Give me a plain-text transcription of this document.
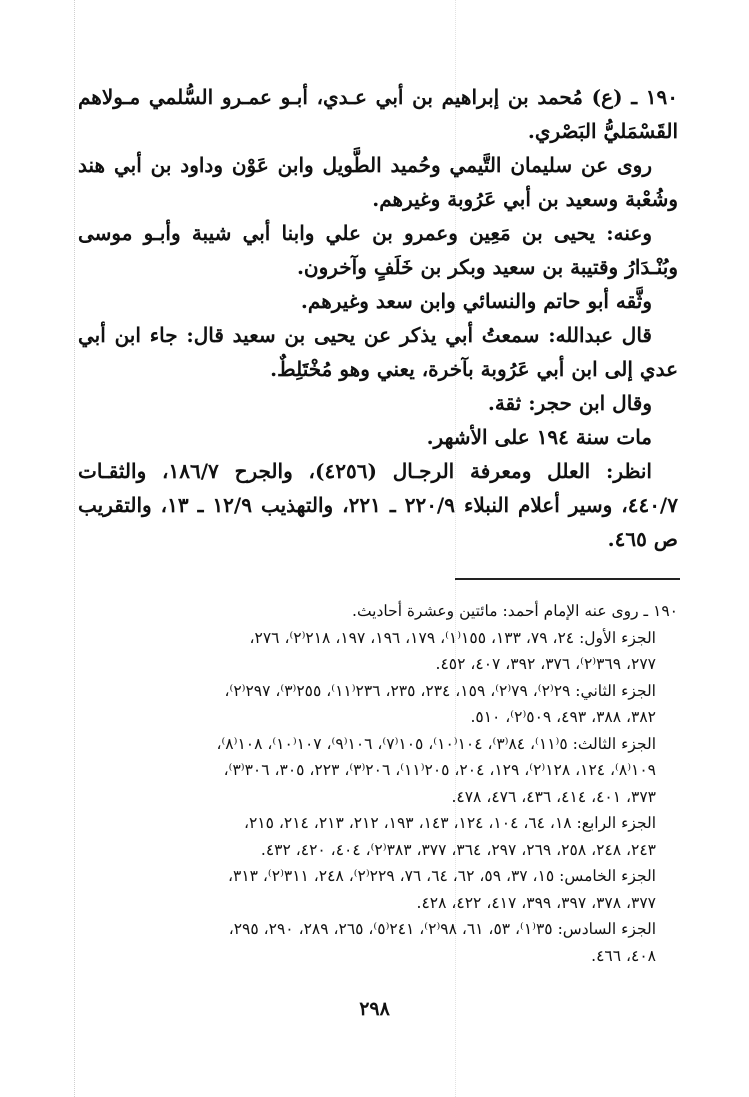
١٩٠ ـ (ع) مُحمد بن إبراهيم بن أبي عـدي، أبـو عمـرو السُّلمي مـولاهم القَسْمَليُّ البَصْري.

روى عن سليمان التَّيمي وحُميد الطَّويل وابن عَوْن وداود بن أبي هند وشُعْبة وسعيد بن أبي عَرُوبة وغيرهم.

وعنه: يحيى بن مَعِين وعمرو بن علي وابنا أبي شيبة وأبـو موسى وبُنْـدَارُ وقتيبة بن سعيد وبكر بن خَلَفٍ وآخرون.

وثَّقه أبو حاتم والنسائي وابن سعد وغيرهم.

قال عبدالله: سمعتُ أبي يذكر عن يحيى بن سعيد قال: جاء ابن أبي عدي إلى ابن أبي عَرُوبة بآخرة، يعني وهو مُخْتَلِطٌ.

وقال ابن حجر: ثقة.

مات سنة ١٩٤ على الأشهر.

انظر: العلل ومعرفة الرجـال (٤٢٥٦)، والجرح ١٨٦/٧، والثقـات ٤٤٠/٧، وسير أعلام النبلاء ٢٢٠/٩ ـ ٢٢١، والتهذيب ١٢/٩ ـ ١٣، والتقريب ص ٤٦٥.

١٩٠ ـ روى عنه الإمام أحمد: مائتين وعشرة أحاديث.

الجزء الأول: ٢٤، ٧٩، ١٣٣، ١٥٥⁽١⁾، ١٧٩، ١٩٦، ١٩٧، ٢١٨⁽٢⁾، ٢٧٦،

٢٧٧، ٣٦٩⁽٢⁾، ٣٧٦، ٣٩٢، ٤٠٧، ٤٥٢.

الجزء الثاني: ٢٩⁽٢⁾، ٧٩⁽٢⁾، ١٥٩، ٢٣٤، ٢٣٥، ٢٣٦⁽١١⁾، ٢٥٥⁽٣⁾، ٢٩٧⁽٢⁾،

٣٨٢، ٣٨٨، ٤٩٣، ٥٠٩⁽٢⁾، ٥١٠.

الجزء الثالث: ٥⁽١١⁾، ٨٤⁽٣⁾، ١٠٤⁽١٠⁾، ١٠٥⁽٧⁾، ١٠٦⁽٩⁾، ١٠٧⁽١٠⁾، ١٠٨⁽٨⁾،

١٠٩⁽٨⁾، ١٢٤، ١٢٨⁽٢⁾، ١٢٩، ٢٠٤، ٢٠٥⁽١١⁾، ٢٠٦⁽٣⁾، ٢٢٣، ٣٠٥، ٣٠٦⁽٣⁾،

٣٧٣، ٤٠١، ٤١٤، ٤٣٦، ٤٧٦، ٤٧٨.

الجزء الرابع: ١٨، ٦٤، ١٠٤، ١٢٤، ١٤٣، ١٩٣، ٢١٢، ٢١٣، ٢١٤، ٢١٥،

٢٤٣، ٢٤٨، ٢٥٨، ٢٦٩، ٢٩٧، ٣٦٤، ٣٧٧، ٣٨٣⁽٢⁾، ٤٠٤، ٤٢٠، ٤٣٢.

الجزء الخامس: ١٥، ٣٧، ٥٩، ٦٢، ٦٤، ٧٦، ٢٢٩⁽٢⁾، ٢٤٨، ٣١١⁽٢⁾، ٣١٣،

٣٧٧، ٣٧٨، ٣٩٧، ٣٩٩، ٤١٧، ٤٢٢، ٤٢٨.

الجزء السادس: ٣٥⁽١⁾، ٥٣، ٦١، ٩٨⁽٢⁾، ٢٤١⁽٥⁾، ٢٦٥، ٢٨٩، ٢٩٠، ٢٩٥،

٤٠٨، ٤٦٦.

٢٩٨
